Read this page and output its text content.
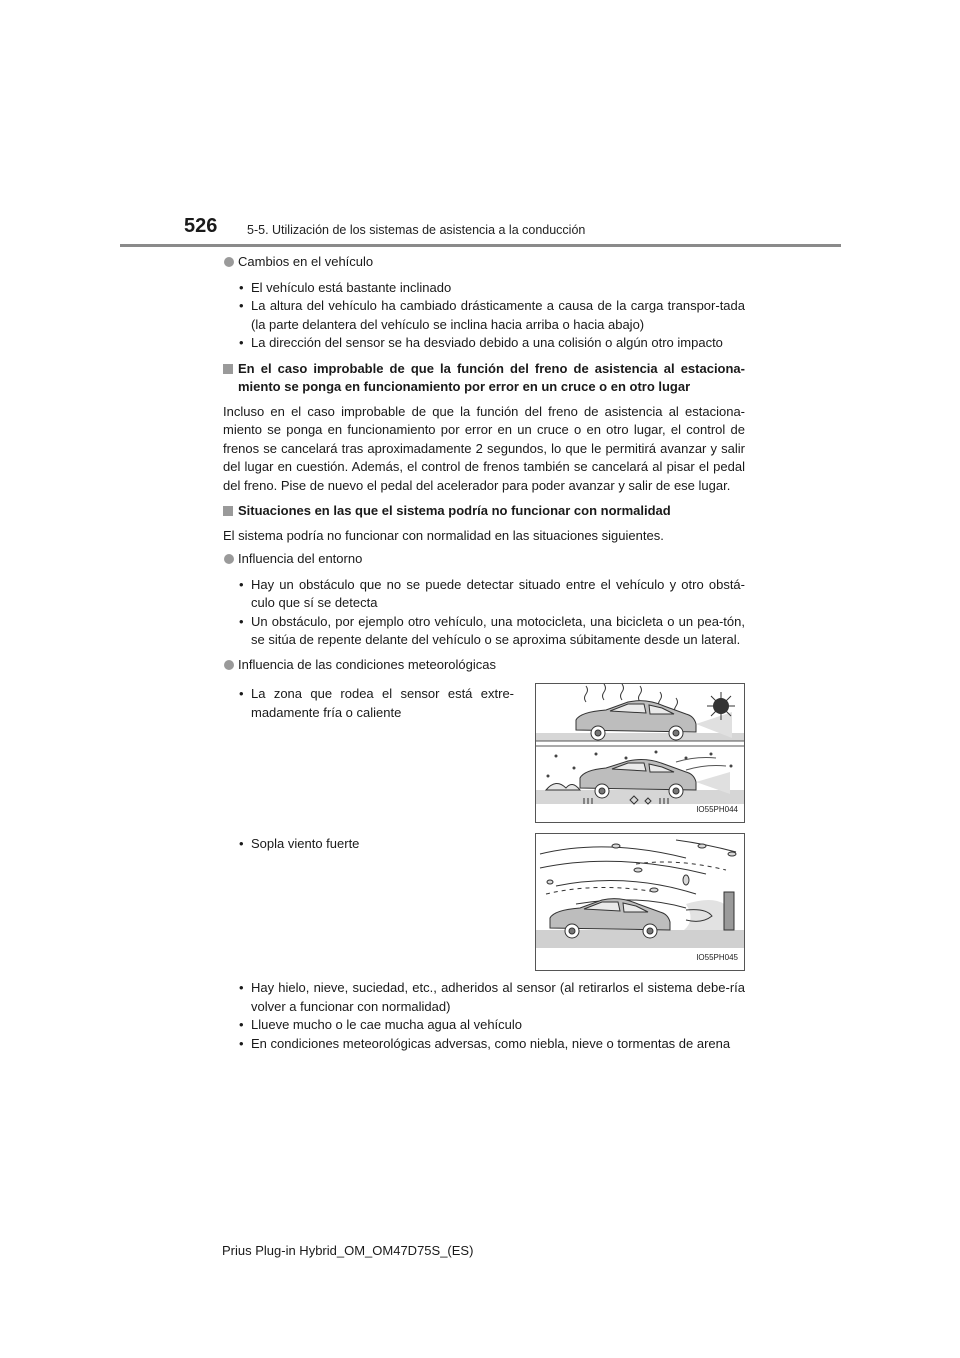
526 5-5. Utilización de los sistemas de asistencia a la conducción
Cambios en el vehículo
• El vehículo está bastante inclinado
• La altura del vehículo ha cambiado drásticamente a causa de la carga transpor-tada (la parte delantera del vehículo se inclina hacia arriba o hacia abajo)
• La dirección del sensor se ha desviado debido a una colisión o algún otro impacto
En el caso improbable de que la función del freno de asistencia al estaciona-miento se ponga en funcionamiento por error en un cruce o en otro lugar

Incluso en el caso improbable de que la función del freno de asistencia al estaciona-miento se ponga en funcionamiento por error en un cruce o en otro lugar, el control de frenos se cancelará tras aproximadamente 2 segundos, lo que le permitirá avanzar y salir del lugar en cuestión. Además, el control de frenos también se cancelará al pisar el pedal del freno. Pise de nuevo el pedal del acelerador para poder avanzar y salir de ese lugar.

Situaciones en las que el sistema podría no funcionar con normalidad

El sistema podría no funcionar con normalidad en las situaciones siguientes.

Influencia del entorno
• Hay un obstáculo que no se puede detectar situado entre el vehículo y otro obstá-culo que sí se detecta
• Un obstáculo, por ejemplo otro vehículo, una motocicleta, una bicicleta o un pea-tón, se sitúa de repente delante del vehículo o se aproxima súbitamente desde un lateral.
Influencia de las condiciones meteorológicas
• La zona que rodea el sensor está extre-madamente fría o caliente
IO55PH044
• Sopla viento fuerte
IO55PH045
• Hay hielo, nieve, suciedad, etc., adheridos al sensor (al retirarlos el sistema debe-ría volver a funcionar con normalidad)
• Llueve mucho o le cae mucha agua al vehículo
• En condiciones meteorológicas adversas, como niebla, nieve o tormentas de arena
Prius Plug-in Hybrid_OM_OM47D75S_(ES)
